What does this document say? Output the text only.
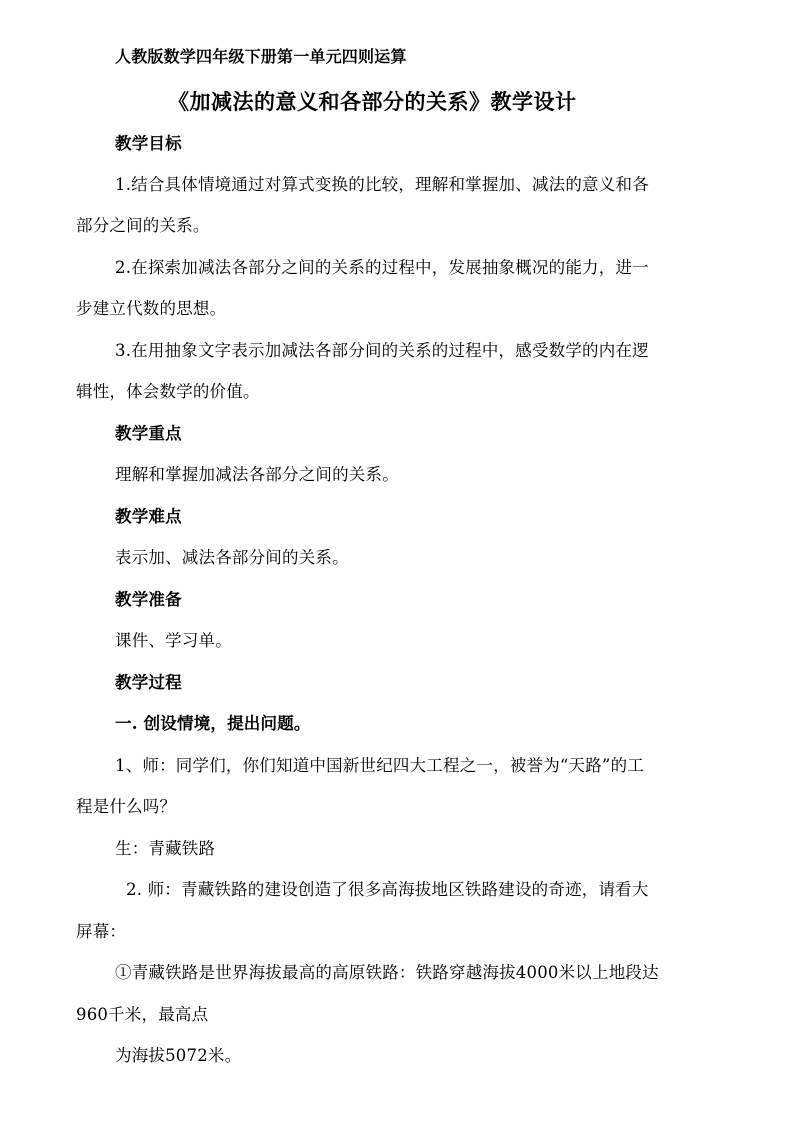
人教版数学四年级下册第一单元四则运算
《加减法的意义和各部分的关系》教学设计
教学目标
1.结合具体情境通过对算式变换的比较，理解和掌握加、减法的意义和各
部分之间的关系。
2.在探索加减法各部分之间的关系的过程中，发展抽象概况的能力，进一
步建立代数的思想。
3.在用抽象文字表示加减法各部分间的关系的过程中，感受数学的内在逻
辑性，体会数学的价值。
教学重点
理解和掌握加减法各部分之间的关系。
教学难点
表示加、减法各部分间的关系。
教学准备
课件、学习单。
教学过程
一. 创设情境，提出问题。
1、师：同学们，你们知道中国新世纪四大工程之一，被誉为“天路”的工
程是什么吗？
生：青藏铁路
2. 师：青藏铁路的建设创造了很多高海拔地区铁路建设的奇迹，请看大
屏幕：
①青藏铁路是世界海拔最高的高原铁路：铁路穿越海拔4000米以上地段达
960千米，最高点
为海拔5072米。
